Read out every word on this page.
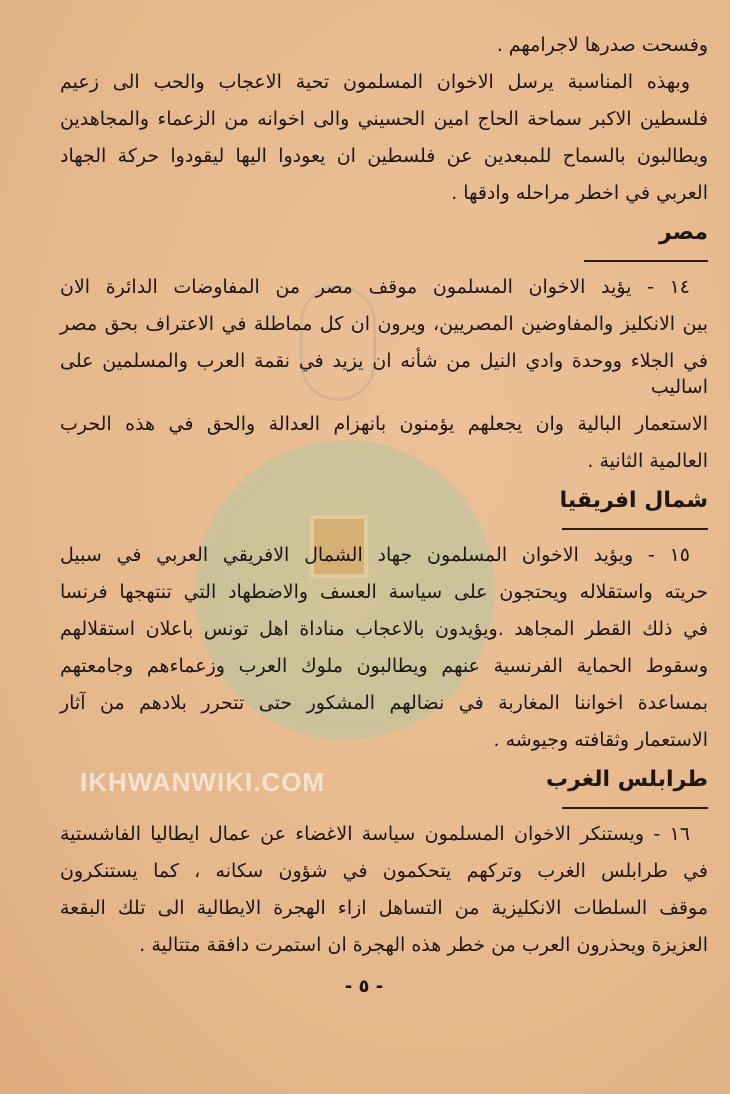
وفسحت صدرها لاجرامهم .
وبهذه المناسبة يرسل الاخوان المسلمون تحية الاعجاب والحب الى زعيم
فلسطين الاكبر سماحة الحاج امين الحسيني والى اخوانه من الزعماء والمجاهدين
ويطالبون بالسماح للمبعدين عن فلسطين ان يعودوا اليها ليقودوا حركة الجهاد
العربي في اخطر مراحله وادقها .
مصر
١٤ - يؤيد الاخوان المسلمون موقف مصر من المفاوضات الدائرة الان
بين الانكليز والمفاوضين المصريين، ويرون ان كل مماطلة في الاعتراف بحق مصر
في الجلاء ووحدة وادي النيل من شأنه ان يزيد في نقمة العرب والمسلمين على اساليب
الاستعمار البالية وان يجعلهم يؤمنون بانهزام العدالة والحق في هذه الحرب
العالمية الثانية .
شمال افريقيا
١٥ - ويؤيد الاخوان المسلمون جهاد الشمال الافريقي العربي في سبيل
حريته واستقلاله ويحتجون على سياسة العسف والاضطهاد التي تنتهجها فرنسا
في ذلك القطر المجاهد .ويؤيدون بالاعجاب مناداة اهل تونس باعلان استقلالهم
وسقوط الحماية الفرنسية عنهم ويطالبون ملوك العرب وزعماءهم وجامعتهم
بمساعدة اخواننا المغاربة في نضالهم المشكور حتى تتحرر بلادهم من آثار
الاستعمار وثقافته وجيوشه .
طرابلس الغرب
IKHWANWIKI.COM
١٦ - ويستنكر الاخوان المسلمون سياسة الاغضاء عن عمال ايطاليا الفاشستية
في طرابلس الغرب وتركهم يتحكمون في شؤون سكانه ، كما يستنكرون
موقف السلطات الانكليزية من التساهل ازاء الهجرة الايطالية الى تلك البقعة
العزيزة ويحذرون العرب من خطر هذه الهجرة ان استمرت دافقة متتالية .
- ٥ -
